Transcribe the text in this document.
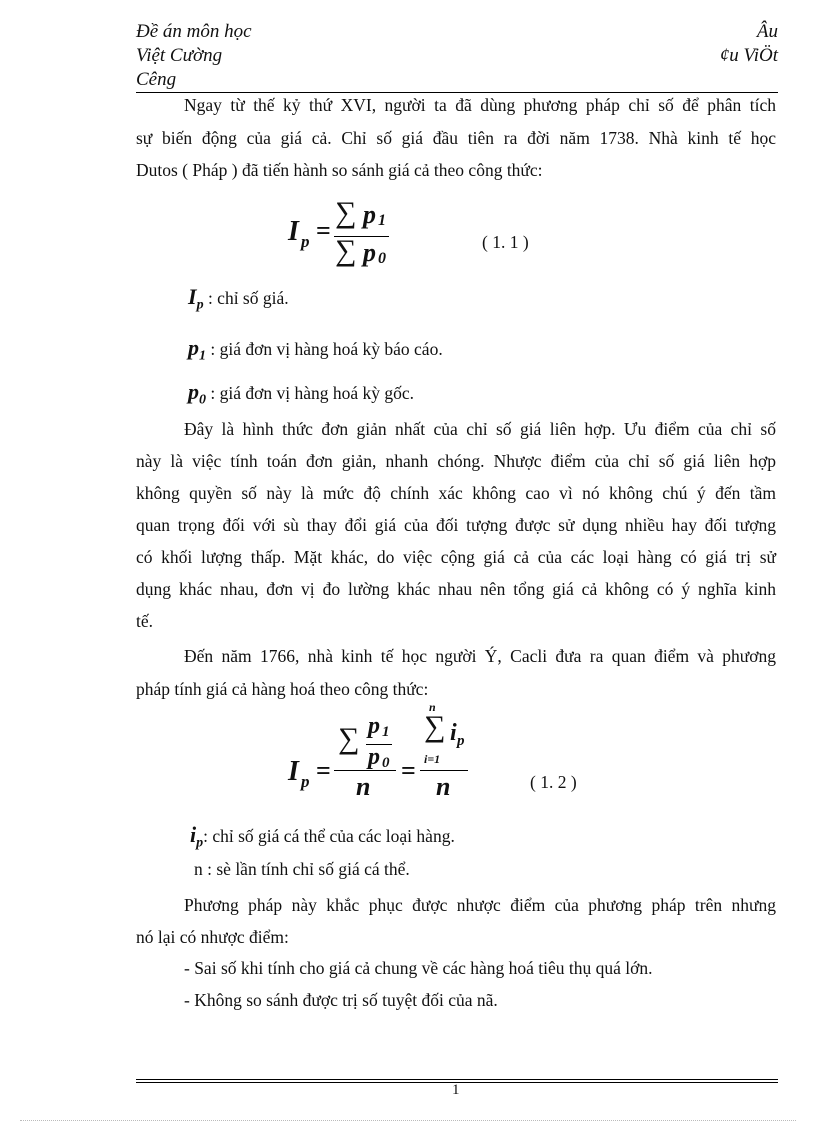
Đề án môn học
Việt Cường
Cêng
Âu
¢u ViÖt
Ngay từ thế kỷ thứ XVI, người ta đã dùng phương pháp chỉ số để phân tích
sự biến động của giá cả. Chỉ số giá đầu tiên ra đời năm 1738. Nhà kinh tế học
Dutos ( Pháp ) đã tiến hành so sánh giá cả theo công thức:
I p =
∑ p 1
∑ p 0
( 1. 1 )
$I_p$ : chỉ số giá.
$p_1$ : giá đơn vị hàng hoá kỳ báo cáo.
$p_0$ : giá đơn vị hàng hoá kỳ gốc.
Đây là hình thức đơn giản nhất của chỉ số giá liên hợp. Ưu điểm của chỉ số
này là việc tính toán đơn giản, nhanh chóng. Nhược điểm của chỉ số giá liên hợp
không quyền số này là mức độ chính xác không cao vì nó không chú ý đến tầm
quan trọng đối với sù thay đổi giá của đối tượng được sử dụng nhiều hay đối tượng
có khối lượng thấp. Mặt khác, do việc cộng giá cả của các loại hàng có giá trị sử
dụng khác nhau, đơn vị đo lường khác nhau nên tổng giá cả không có ý nghĩa kinh
tế.
Đến năm 1766, nhà kinh tế học người Ý, Cacli đưa ra quan điểm và phương
pháp tính giá cả hàng hoá theo công thức:
I p =
∑ p 1
p 0
n
=
n
∑ i p
i=1
n	( 1. 2 )
$i_p$: chỉ số giá cá thể của các loại hàng.
n : sè lần tính chỉ số giá cá thể.
Phương pháp này khắc phục được nhược điểm của phương pháp trên nhưng
nó lại có nhược điểm:
- Sai số khi tính cho giá cả chung về các hàng hoá tiêu thụ quá lớn.
- Không so sánh được trị số tuyệt đối của nã.
1
